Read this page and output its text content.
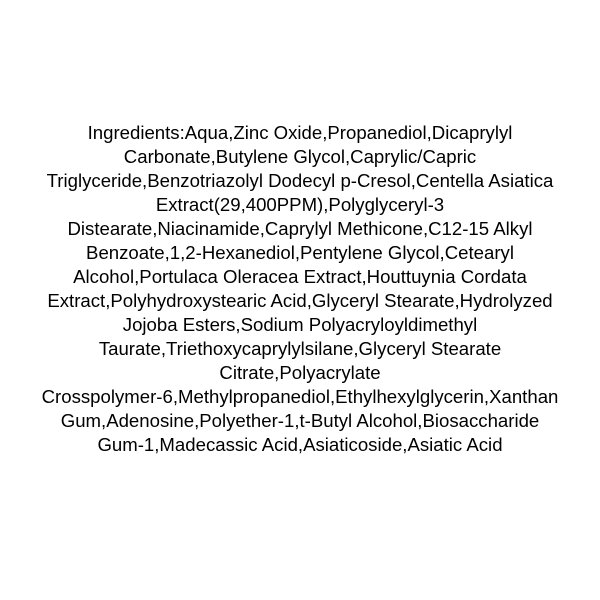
Ingredients:Aqua,Zinc Oxide,Propanediol,Dicaprylyl
Carbonate,Butylene Glycol,Caprylic/Capric
Triglyceride,Benzotriazolyl Dodecyl p-Cresol,Centella Asiatica
Extract(29,400PPM),Polyglyceryl-3
Distearate,Niacinamide,Caprylyl Methicone,C12-15 Alkyl
Benzoate,1,2-Hexanediol,Pentylene Glycol,Cetearyl
Alcohol,Portulaca Oleracea Extract,Houttuynia Cordata
Extract,Polyhydroxystearic Acid,Glyceryl Stearate,Hydrolyzed
Jojoba Esters,Sodium Polyacryloyldimethyl
Taurate,Triethoxycaprylylsilane,Glyceryl Stearate
Citrate,Polyacrylate
Crosspolymer-6,Methylpropanediol,Ethylhexylglycerin,Xanthan
Gum,Adenosine,Polyether-1,t-Butyl Alcohol,Biosaccharide
Gum-1,Madecassic Acid,Asiaticoside,Asiatic Acid
